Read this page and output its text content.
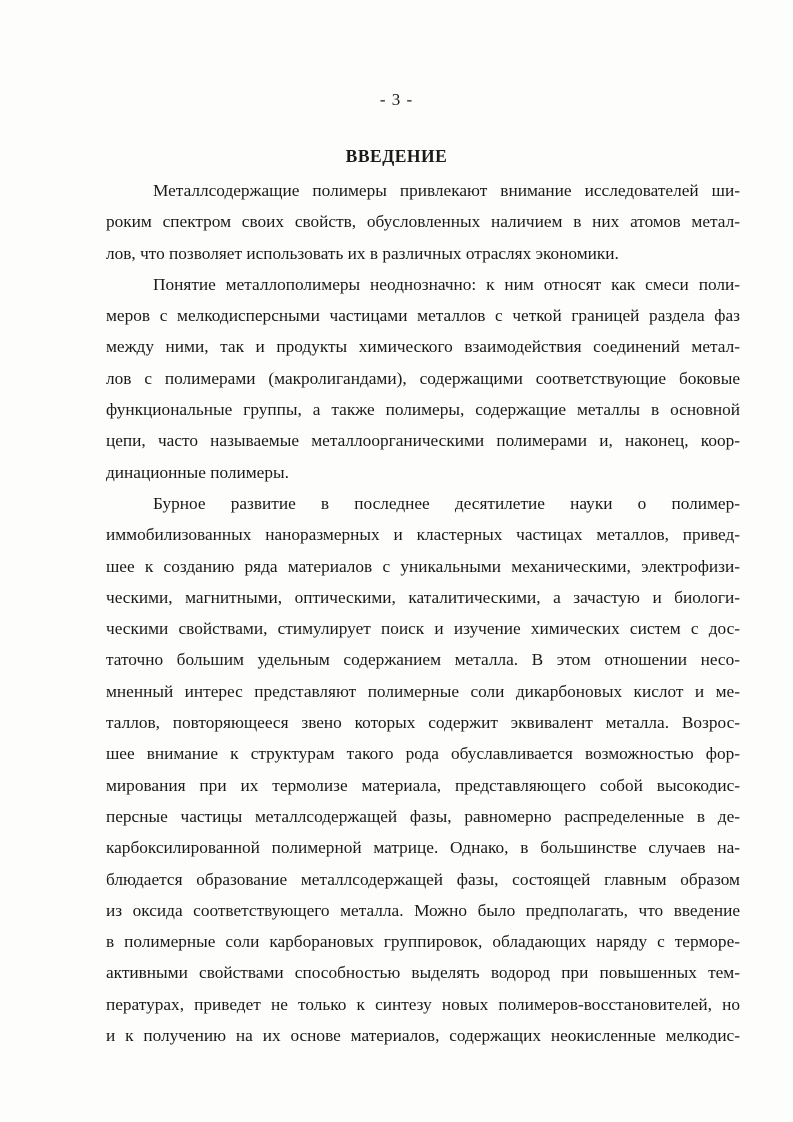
- 3 -
ВВЕДЕНИЕ
Металлсодержащие полимеры привлекают внимание исследователей ши-
роким спектром своих свойств, обусловленных наличием в них атомов метал-
лов, что позволяет использовать их в различных отраслях экономики.
Понятие металлополимеры неоднозначно: к ним относят как смеси поли-
меров с мелкодисперсными частицами металлов с четкой границей раздела фаз
между ними, так и продукты химического взаимодействия соединений метал-
лов с полимерами (макролигандами), содержащими соответствующие боковые
функциональные группы, а также полимеры, содержащие металлы в основной
цепи, часто называемые металлоорганическими полимерами и, наконец, коор-
динационные полимеры.
Бурное развитие в последнее десятилетие науки о полимер-
иммобилизованных наноразмерных и кластерных частицах металлов, привед-
шее к созданию ряда материалов с уникальными механическими, электрофизи-
ческими, магнитными, оптическими, каталитическими, а зачастую и биологи-
ческими свойствами, стимулирует поиск и изучение химических систем с дос-
таточно большим удельным содержанием металла. В этом отношении несо-
мненный интерес представляют полимерные соли дикарбоновых кислот и ме-
таллов, повторяющееся звено которых содержит эквивалент металла. Возрос-
шее внимание к структурам такого рода обуславливается возможностью фор-
мирования при их термолизе материала, представляющего собой высокодис-
персные частицы металлсодержащей фазы, равномерно распределенные в де-
карбоксилированной полимерной матрице. Однако, в большинстве случаев на-
блюдается образование металлсодержащей фазы, состоящей главным образом
из оксида соответствующего металла. Можно было предполагать, что введение
в полимерные соли карборановых группировок, обладающих наряду с терморе-
активными свойствами способностью выделять водород при повышенных тем-
пературах, приведет не только к синтезу новых полимеров-восстановителей, но
и к получению на их основе материалов, содержащих неокисленные мелкодис-
